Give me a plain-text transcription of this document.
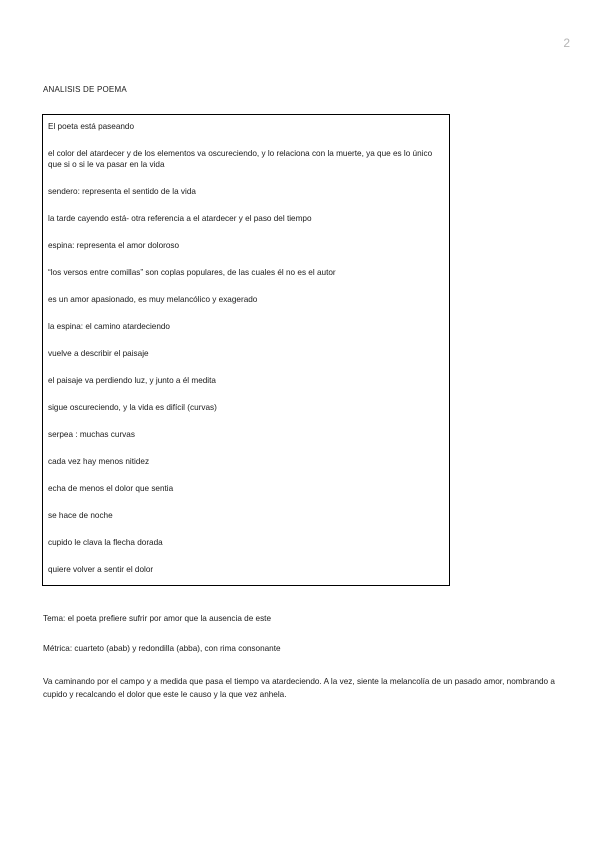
2
ANALISIS DE POEMA

El poeta está paseando

el color del atardecer y de los elementos va oscureciendo, y lo relaciona con la muerte, ya que es lo único que si o si le va pasar en la vida

sendero: representa el sentido de la vida

la tarde cayendo está- otra referencia a el atardecer y el paso del tiempo

espina: representa el amor doloroso

“los versos entre comillas” son coplas populares, de las cuales él no es el autor

es un amor apasionado, es muy melancólico y exagerado

la espina: el camino atardeciendo

vuelve a describir el paisaje

el paisaje va perdiendo luz, y junto a él medita

sigue oscureciendo, y la vida es difícil (curvas)

serpea : muchas curvas

cada vez hay menos nitidez

echa de menos el dolor que sentia

se hace de noche

cupido le clava la flecha dorada

quiere volver a sentir el dolor

Tema: el poeta prefiere sufrir por amor que la ausencia de este

Métrica: cuarteto (abab) y redondilla (abba), con rima consonante

Va caminando por el campo y a medida que pasa el tiempo va atardeciendo. A la vez, siente la melancolía de un pasado amor, nombrando a cupido y recalcando el dolor que este le causo y la que vez anhela.
